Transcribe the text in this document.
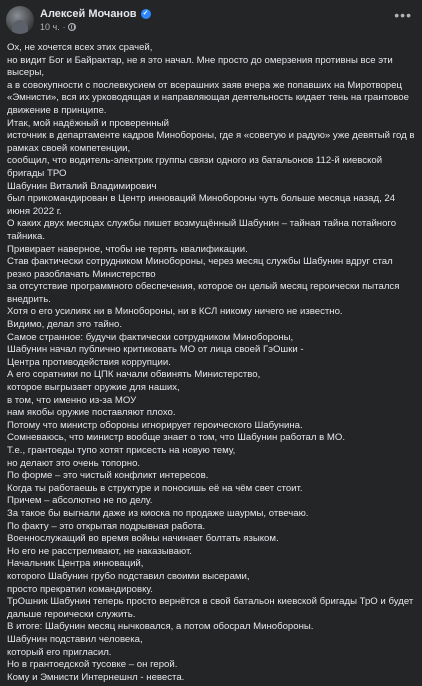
Алексей Мочанов ✓
10 ч. ·
•••

Ох, не хочется всех этих срачей,

но видит Бог и Байрактар, не я это начал. Мне просто до омерзения противны все эти высеры,

а в совокупности с послевкусием от всерашних заяв вчера же попавших на Миротворец «Эмнисти», вся их урководящая и направляющая деятельность кидает тень на грантовое движение в принципе.

Итак, мой надёжный и проверенный

источник в департаменте кадров Минобороны, где я «советую и радую» уже девятый год в рамках своей компетенции,

сообщил, что водитель-электрик группы связи одного из батальонов 112-й киевской бригады ТРО

Шабунин Виталий Владимирович

был прикомандирован в Центр инноваций Минобороны чуть больше месяца назад, 24 июня 2022 г.

О каких двух месяцах службы пишет возмущённый Шабунин – тайная тайна потайного тайника.

Привирает наверное, чтобы не терять квалификации.

Став фактически сотрудником Минобороны, через месяц службы Шабунин вдруг стал резко разоблачать Министерство

за отсутствие программного обеспечения, которое он целый месяц героически пытался внедрить.

Хотя о его усилиях ни в Минобороны, ни в КСЛ никому ничего не известно.

Видимо, делал это тайно.

Самое странное: будучи фактически сотрудником Минобороны,

Шабунин начал публично критиковать МО от лица своей ГэОшки -

Центра противодействия коррупции.

А его соратники по ЦПК начали обвинять Министерство,

которое выгрызает оружие для наших,

в том, что именно из-за МОУ

нам якобы оружие поставляют плохо.

Потому что министр обороны игнорирует героического Шабунина.

Сомневаюсь, что министр вообще знает о том, что Шабунин работал в МО.

Т.е., грантоеды тупо хотят присесть на новую тему,

но делают это очень топорно.

По форме – это чистый конфликт интересов.

Когда ты работаешь в структуре и поносишь её на чём свет стоит.

Причем – абсолютно не по делу.

За такое бы выгнали даже из киоска по продаже шаурмы, отвечаю.

По факту – это открытая подрывная работа.

Военнослужащий во время войны начинает болтать языком.

Но его не расстреливают, не наказывают.

Начальник Центра инноваций,

которого Шабунин грубо подставил своими высерами,

просто прекратил командировку.

ТрОшник Шабунин теперь просто вернётся в свой батальон киевской бригады ТрО и будет дальше героически служить.

В итоге: Шабунин месяц нычковался, а потом обосрал Минобороны.

Шабунин подставил человека,

который его пригласил.

Но в грантоедской тусовке – он герой.

Кому и Эмнисти Интернешнл - невеста.
